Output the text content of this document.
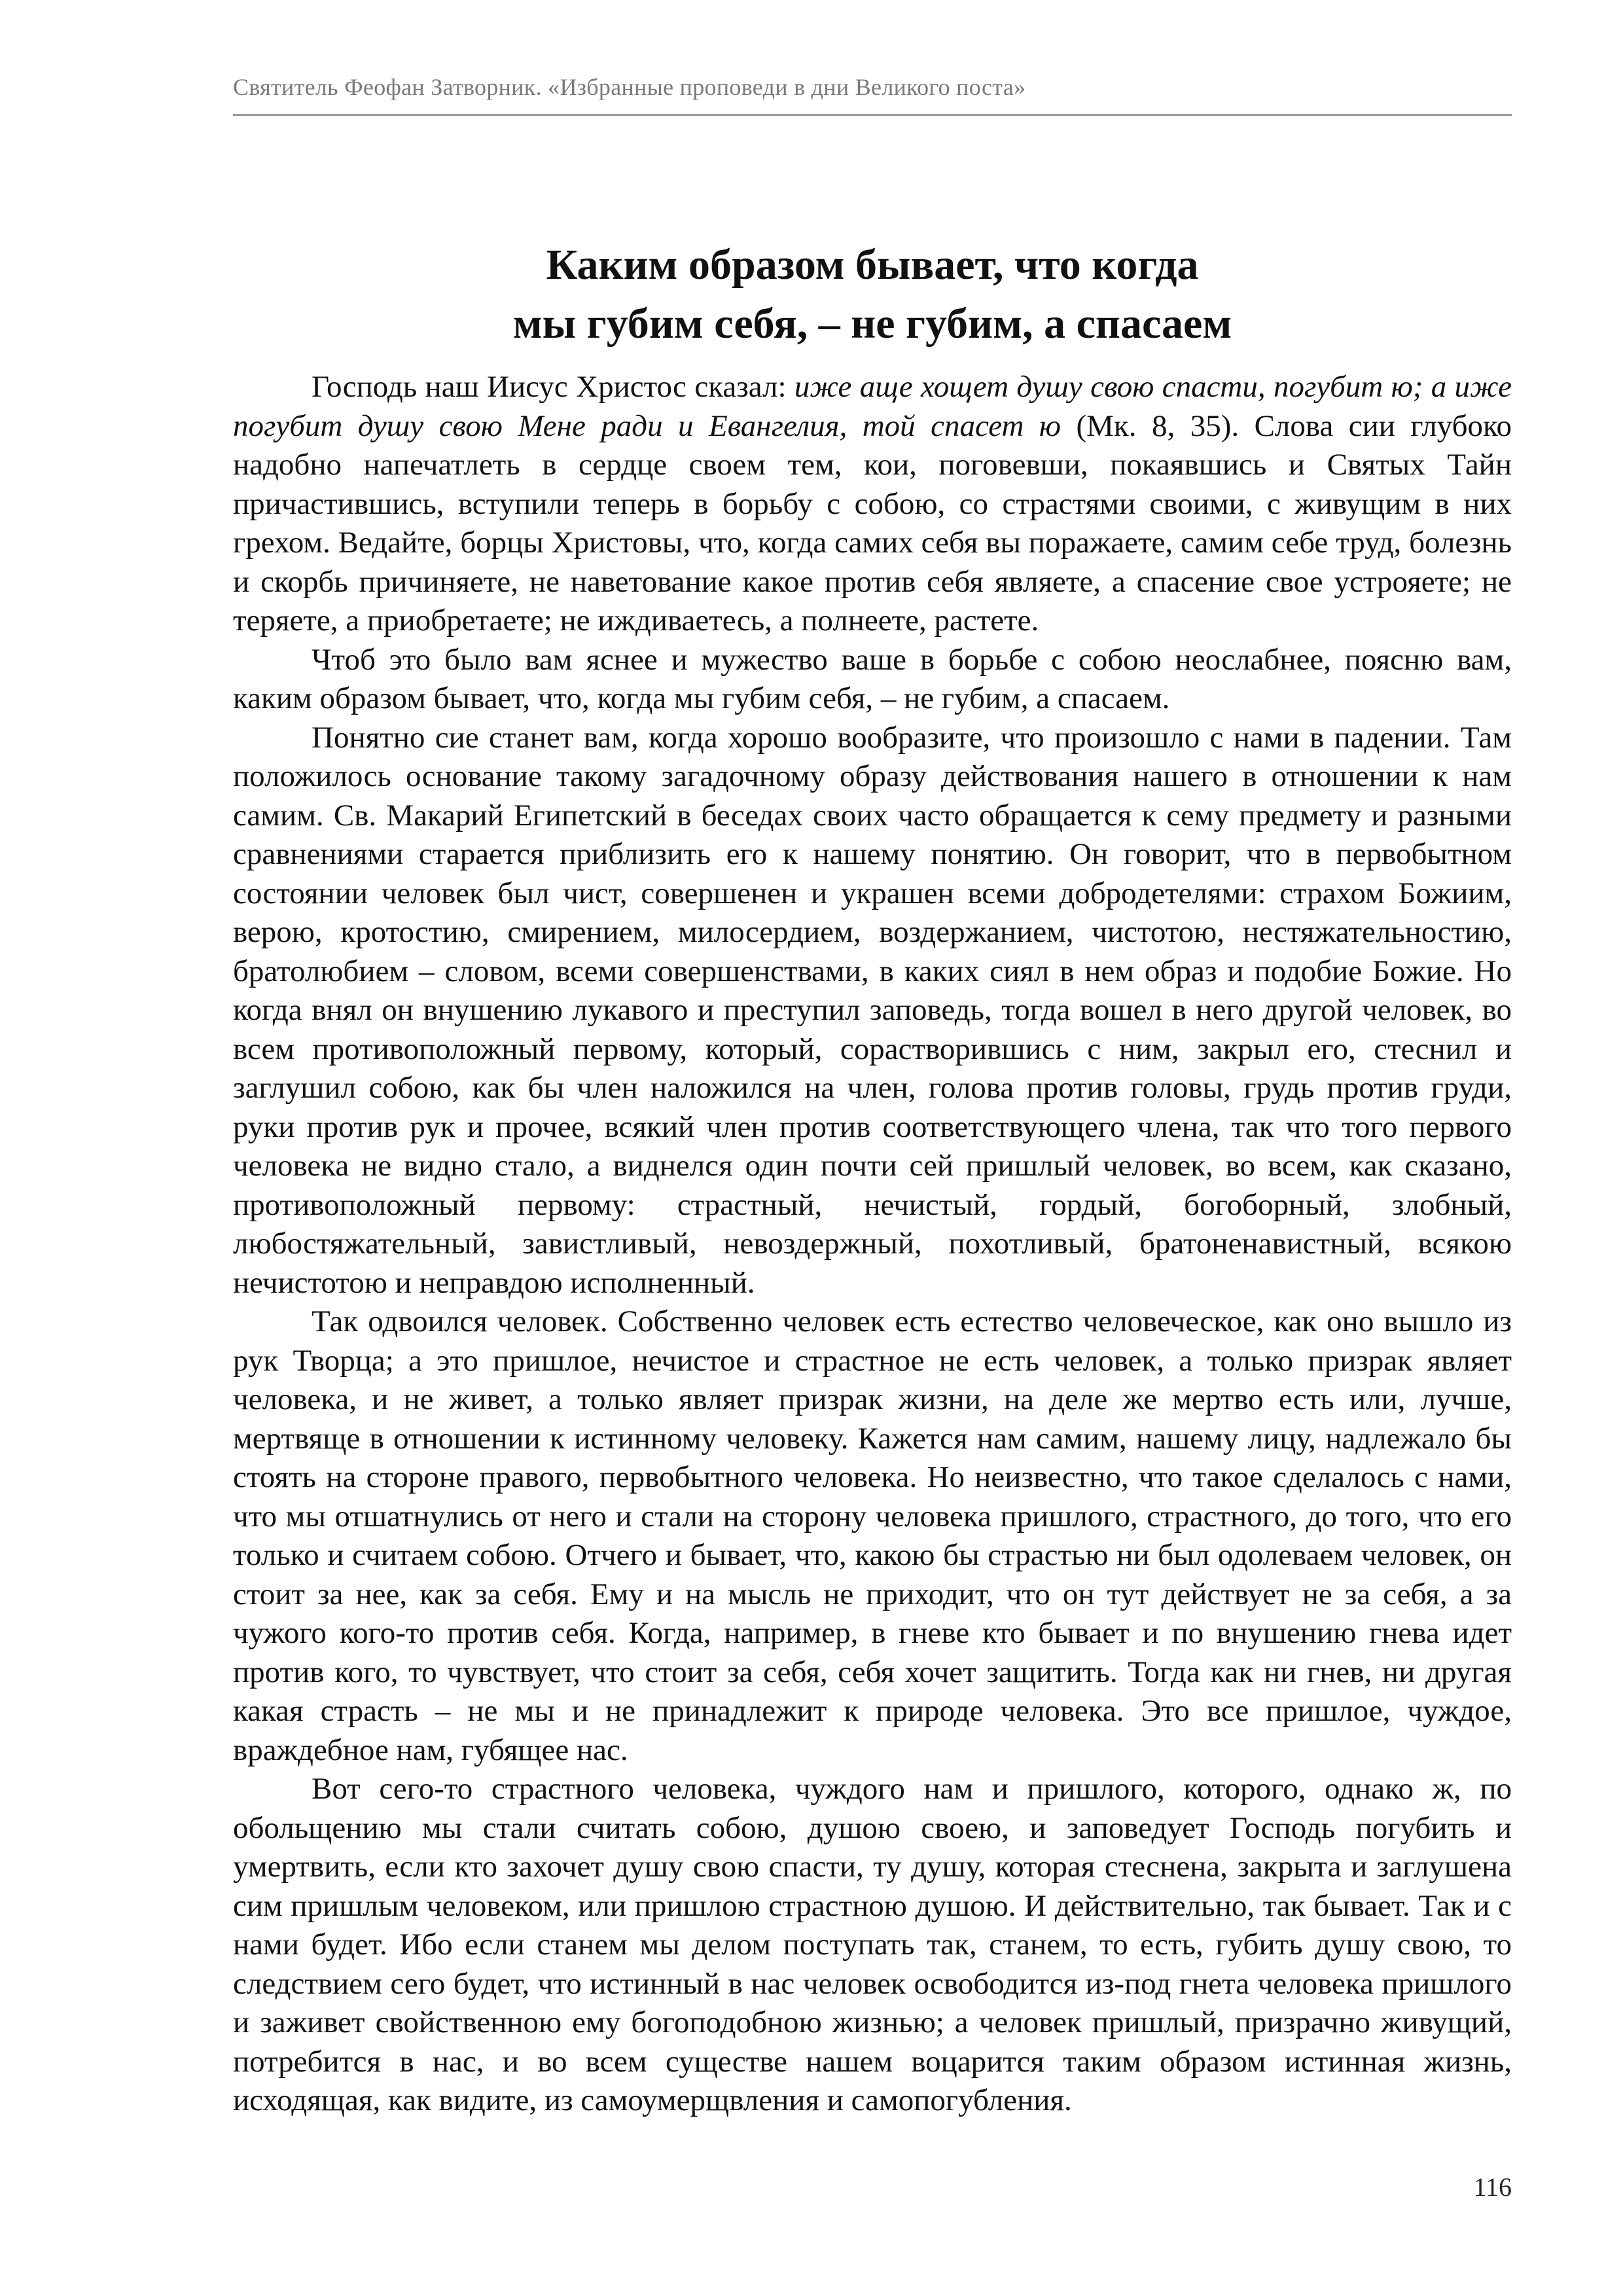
Святитель Феофан Затворник. «Избранные проповеди в дни Великого поста»
Каким образом бывает, что когда
мы губим себя, – не губим, а спасаем

Господь наш Иисус Христос сказал: иже аще хощет душу свою спасти, погубит ю; а иже погубит душу свою Мене ради и Евангелия, той спасет ю (Мк. 8, 35). Слова сии глубоко надобно напечатлеть в сердце своем тем, кои, поговевши, покаявшись и Святых Тайн причастившись, вступили теперь в борьбу с собою, со страстями своими, с живущим в них грехом. Ведайте, борцы Христовы, что, когда самих себя вы поражаете, самим себе труд, болезнь и скорбь причиняете, не наветование какое против себя являете, а спасение свое устрояете; не теряете, а приобретаете; не иждиваетесь, а полнеете, растете.

Чтоб это было вам яснее и мужество ваше в борьбе с собою неослабнее, поясню вам, каким образом бывает, что, когда мы губим себя, – не губим, а спасаем.

Понятно сие станет вам, когда хорошо вообразите, что произошло с нами в падении. Там положилось основание такому загадочному образу действования нашего в отношении к нам самим. Св. Макарий Египетский в беседах своих часто обращается к сему предмету и разными сравнениями старается приблизить его к нашему понятию. Он говорит, что в первобытном состоянии человек был чист, совершенен и украшен всеми добродетелями: страхом Божиим, верою, кротостию, смирением, милосердием, воздержанием, чистотою, нестяжательностию, братолюбием – словом, всеми совершенствами, в каких сиял в нем образ и подобие Божие. Но когда внял он внушению лукавого и преступил заповедь, тогда вошел в него другой человек, во всем противоположный первому, который, сорастворившись с ним, закрыл его, стеснил и заглушил собою, как бы член наложился на член, голова против головы, грудь против груди, руки против рук и прочее, всякий член против соответствующего члена, так что того первого человека не видно стало, а виднелся один почти сей пришлый человек, во всем, как сказано, противоположный первому: страстный, нечистый, гордый, богоборный, злобный, любостяжательный, завистливый, невоздержный, похотливый, братоненавистный, всякою нечистотою и неправдою исполненный.

Так одвоился человек. Собственно человек есть естество человеческое, как оно вышло из рук Творца; а это пришлое, нечистое и страстное не есть человек, а только призрак являет человека, и не живет, а только являет призрак жизни, на деле же мертво есть или, лучше, мертвяще в отношении к истинному человеку. Кажется нам самим, нашему лицу, надлежало бы стоять на стороне правого, первобытного человека. Но неизвестно, что такое сделалось с нами, что мы отшатнулись от него и стали на сторону человека пришлого, страстного, до того, что его только и считаем собою. Отчего и бывает, что, какою бы страстью ни был одолеваем человек, он стоит за нее, как за себя. Ему и на мысль не приходит, что он тут действует не за себя, а за чужого кого-то против себя. Когда, например, в гневе кто бывает и по внушению гнева идет против кого, то чувствует, что стоит за себя, себя хочет защитить. Тогда как ни гнев, ни другая какая страсть – не мы и не принадлежит к природе человека. Это все пришлое, чуждое, враждебное нам, губящее нас.

Вот сего-то страстного человека, чуждого нам и пришлого, которого, однако ж, по обольщению мы стали считать собою, душою своею, и заповедует Господь погубить и умертвить, если кто захочет душу свою спасти, ту душу, которая стеснена, закрыта и заглушена сим пришлым человеком, или пришлою страстною душою. И действительно, так бывает. Так и с нами будет. Ибо если станем мы делом поступать так, станем, то есть, губить душу свою, то следствием сего будет, что истинный в нас человек освободится из-под гнета человека пришлого и заживет свойственною ему богоподобною жизнью; а человек пришлый, призрачно живущий, потребится в нас, и во всем существе нашем воцарится таким образом истинная жизнь, исходящая, как видите, из самоумерщвления и самопогубления.

116
